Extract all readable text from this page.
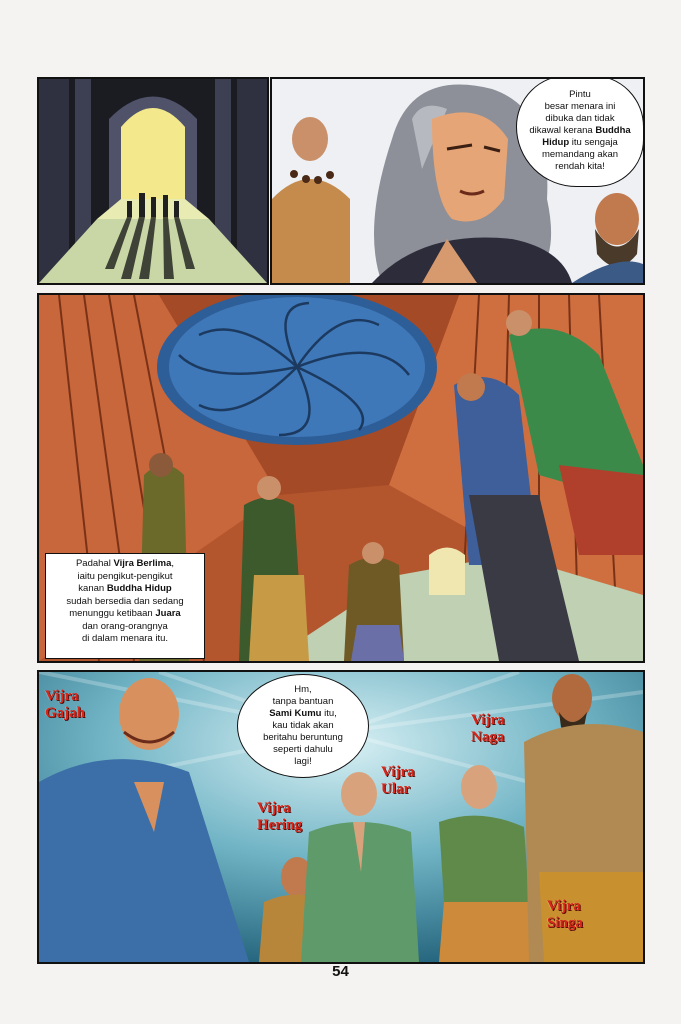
Pintu
besar menara ini
dibuka dan tidak
dikawal kerana Buddha
Hidup itu sengaja
memandang akan
rendah kita!
Padahal Vijra Berlima,
iaitu pengikut-pengikut
kanan Buddha Hidup
sudah bersedia dan sedang
menunggu ketibaan Juara
dan orang-orangnya
di dalam menara itu.
Hm,
tanpa bantuan
Sami Kumu itu,
kau tidak akan
beritahu beruntung
seperti dahulu
lagi!
Vijra
Gajah	Vijra
Naga
Vijra
Ular
Vijra
Hering
Vijra
Singa
54
